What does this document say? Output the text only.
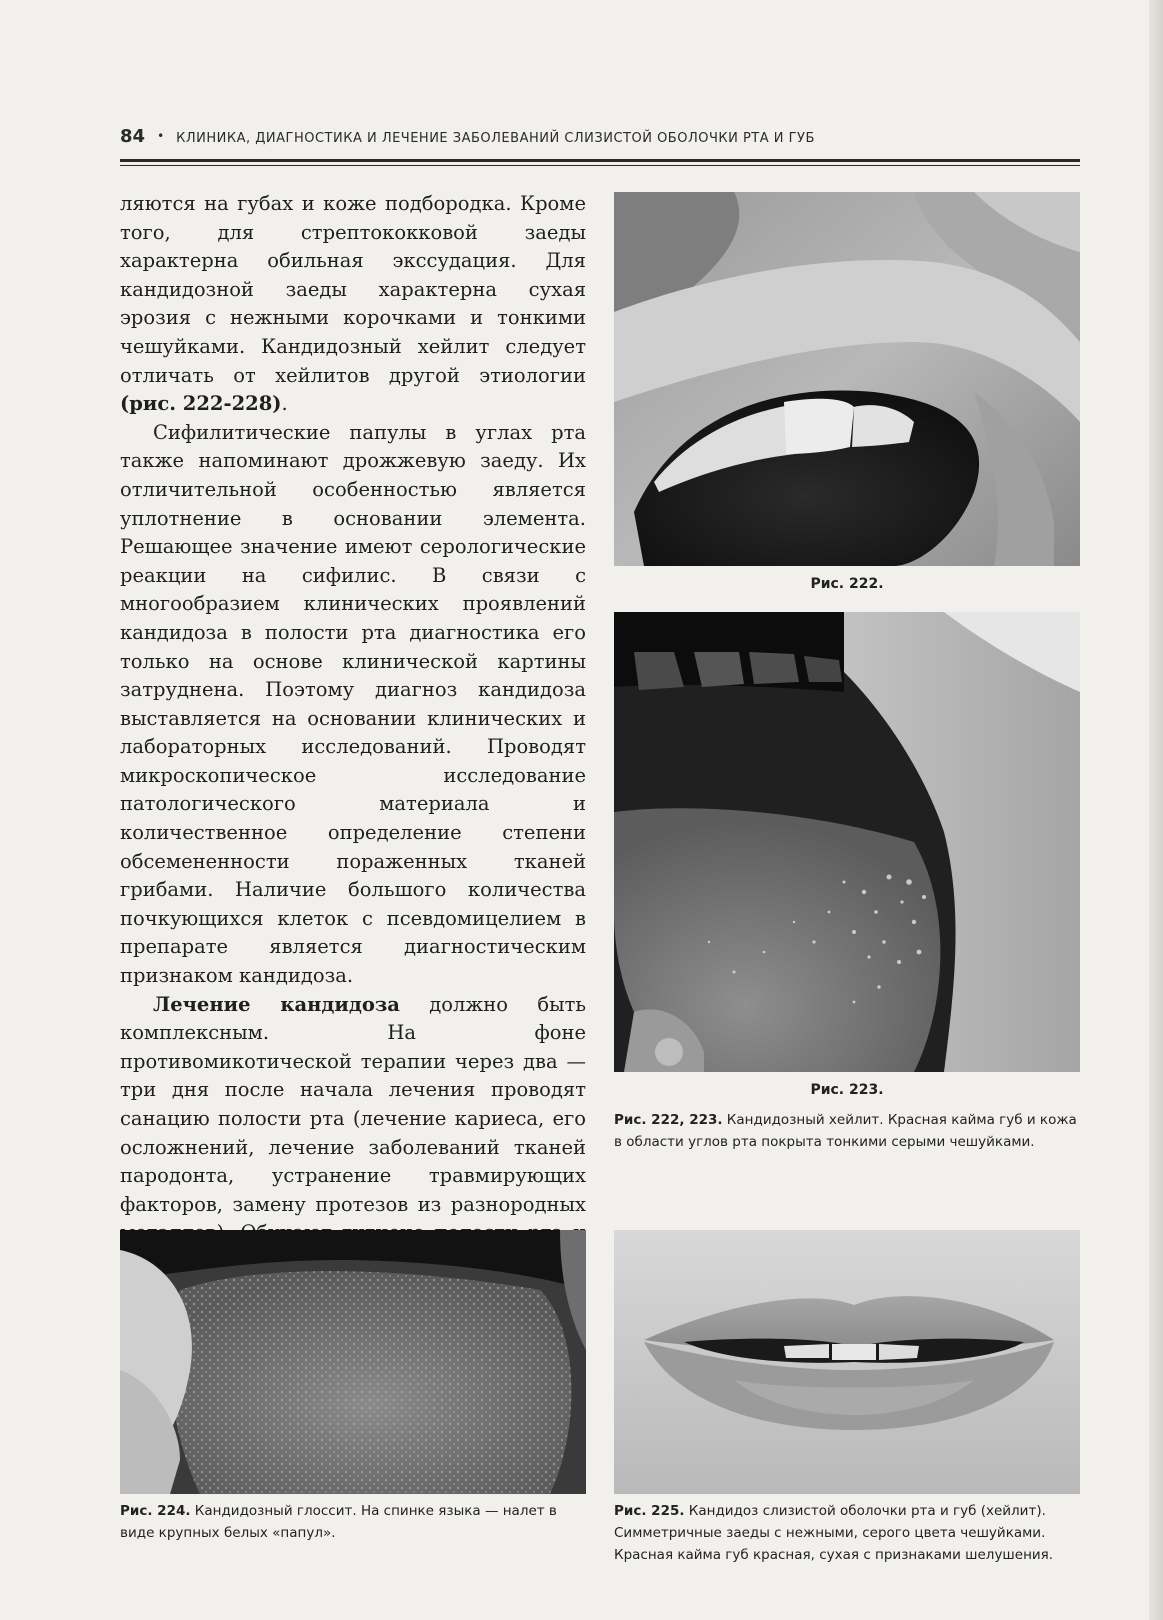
84 • КЛИНИКА, ДИАГНОСТИКА И ЛЕЧЕНИЕ ЗАБОЛЕВАНИЙ СЛИЗИСТОЙ ОБОЛОЧКИ РТА И ГУБ

ляются на губах и коже подбородка. Кроме того, для стрептококковой заеды характерна обильная экссудация. Для кандидозной заеды характерна сухая эрозия с нежными корочками и тонкими чешуйками. Кандидозный хейлит следует отличать от хейлитов другой этиологии (рис. 222-228).

Сифилитические папулы в углах рта также напоминают дрожжевую заеду. Их отличительной особенностью является уплотнение в основании элемента. Решающее значение имеют серологические реакции на сифилис. В связи с многообразием клинических проявлений кандидоза в полости рта диагностика его только на основе клинической картины затруднена. Поэтому диагноз кандидоза выставляется на основании клинических и лабораторных исследований. Проводят микроскопическое исследование патологического материала и количественное определение степени обсемененности пораженных тканей грибами. Наличие большого количества почкующихся клеток с псевдомицелием в препарате является диагностическим признаком кандидоза.

Лечение кандидоза должно быть комплексным. На фоне противомикотической терапии через два — три дня после начала лечения проводят санацию полости рта (лечение кариеса, его осложнений, лечение заболеваний тканей пародонта, устранение травмирующих факторов, замену протезов из разнородных

Рис. 222.
Рис. 223.
Рис. 222, 223. Кандидозный хейлит. Красная кайма губ и кожа в области углов рта покрыта тонкими серыми чешуйками.
Рис. 224. Кандидозный глоссит. На спинке языка — налет в виде крупных белых «папул».
Рис. 225. Кандидоз слизистой оболочки рта и губ (хейлит). Симметричные заеды с нежными, серого цвета чешуйками. Красная кайма губ красная, сухая с признаками шелушения.
